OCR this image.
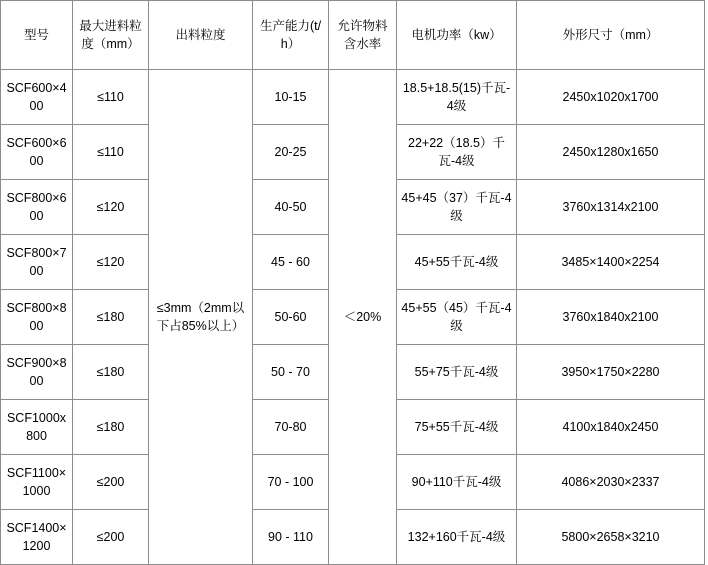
型号	最大进料粒度（mm）	出料粒度	生产能力(t/h）	允许物料含水率	电机功率（kw）	外形尺寸（mm）
SCF600×400	≤110	≤3mm（2mm以下占85%以上）	10-15	＜20%	18.5+18.5(15)千瓦-4级	2450x1020x1700
SCF600×600	≤110		20-25		22+22（18.5）千瓦-4级	2450x1280x1650
SCF800×600	≤120		40-50		45+45（37）千瓦-4级	3760x1314x2100
SCF800×700	≤120		45 - 60		45+55千瓦-4级	3485×1400×2254
SCF800×800	≤180		50-60		45+55（45）千瓦-4级	3760x1840x2100
SCF900×800	≤180		50 - 70		55+75千瓦-4级	3950×1750×2280
SCF1000x800	≤180		70-80		75+55千瓦-4级	4100x1840x2450
SCF1100×1000	≤200		70 - 100		90+110千瓦-4级	4086×2030×2337
SCF1400×1200	≤200		90 - 110		132+160千瓦-4级	5800×2658×3210
